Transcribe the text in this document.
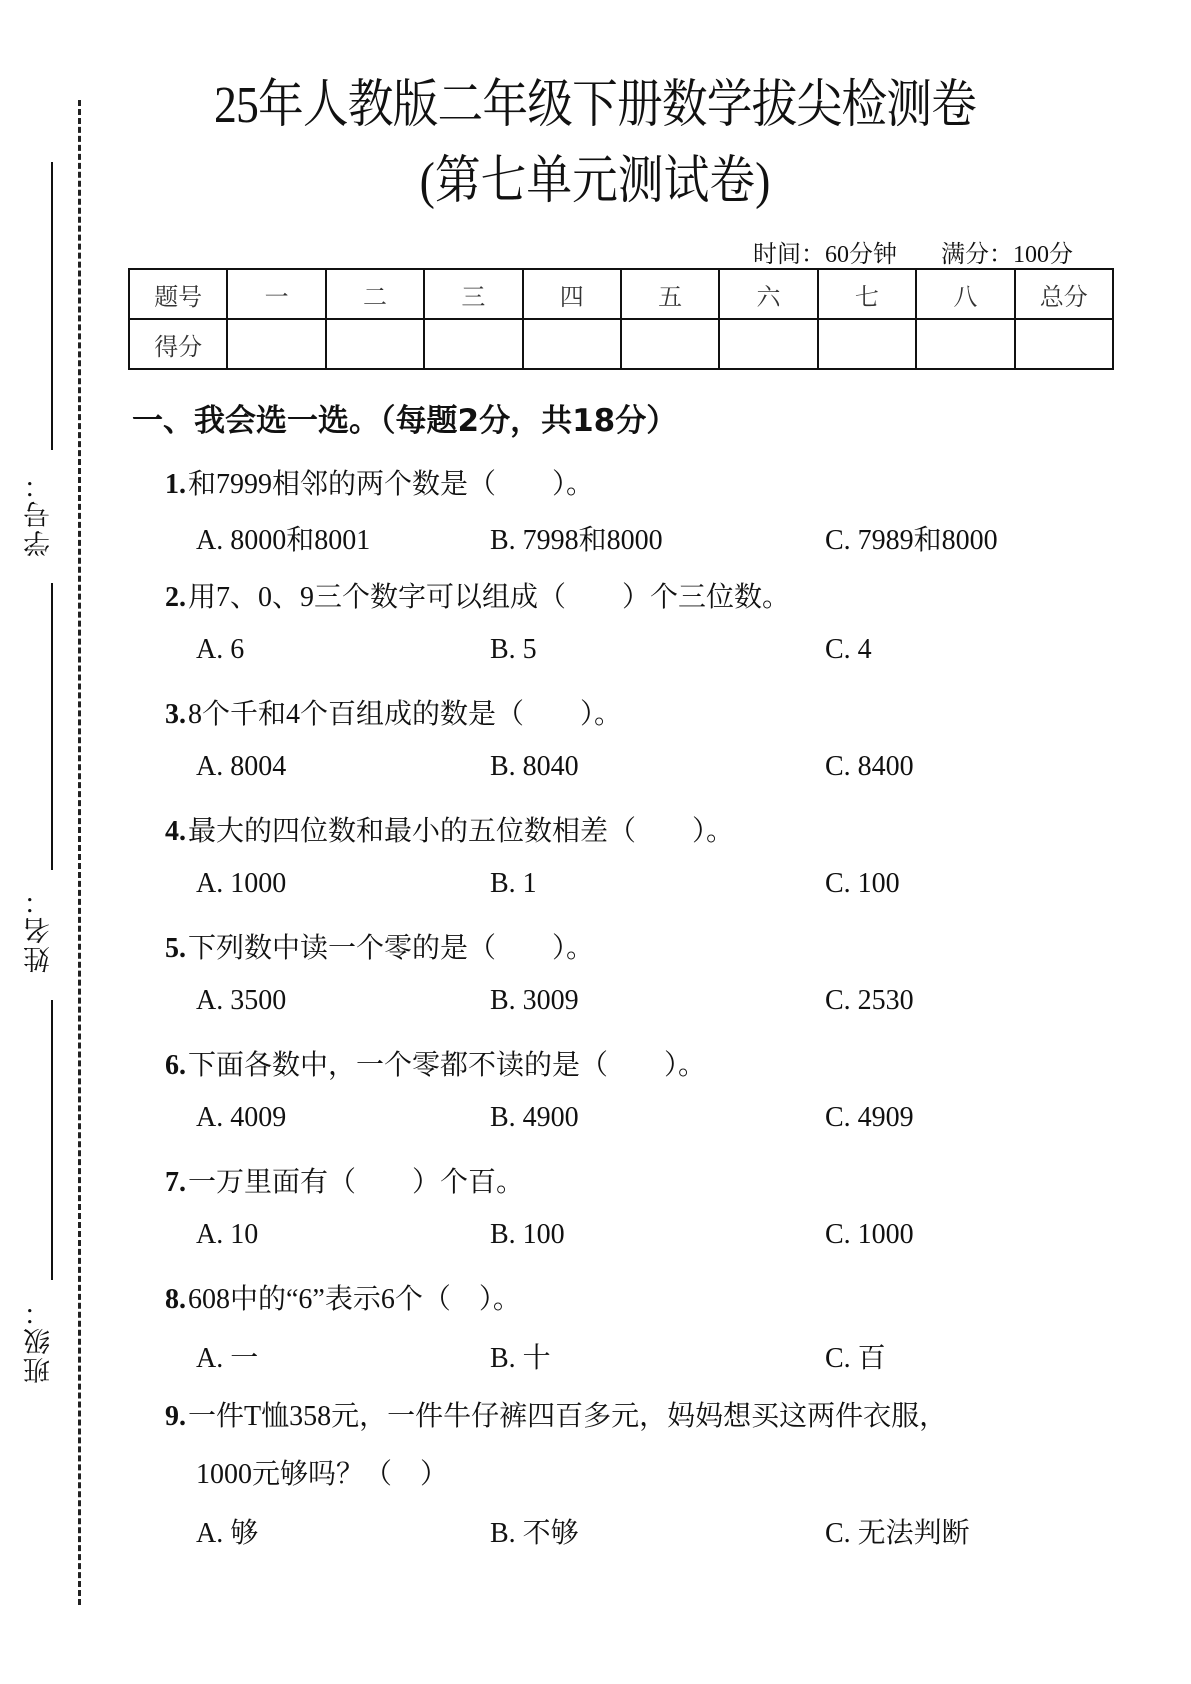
学号：
姓名：
班级：
25年人教版二年级下册数学拔尖检测卷
(第七单元测试卷)
时间：60分钟 满分：100分
题号	一	二	三	四	五	六	七	八	总分
得分									
一、我会选一选。（每题2分，共18分）
1.和7999相邻的两个数是（　　）。
A. 8000和8001	B. 7998和8000	C. 7989和8000
2.用7、0、9三个数字可以组成（　　）个三位数。
A. 6	B. 5	C. 4
3.8个千和4个百组成的数是（　　）。
A. 8004	B. 8040	C. 8400
4.最大的四位数和最小的五位数相差（　　）。
A. 1000	B. 1	C. 100
5.下列数中读一个零的是（　　）。
A. 3500	B. 3009	C. 2530
6.下面各数中，一个零都不读的是（　　）。
A. 4009	B. 4900	C. 4909
7.一万里面有（　　）个百。
A. 10	B. 100	C. 1000
8.608中的“6”表示6个（　）。
A. 一	B. 十	C. 百
9.一件T恤358元，一件牛仔裤四百多元，妈妈想买这两件衣服，
1000元够吗？（　）
A. 够	B. 不够	C. 无法判断
